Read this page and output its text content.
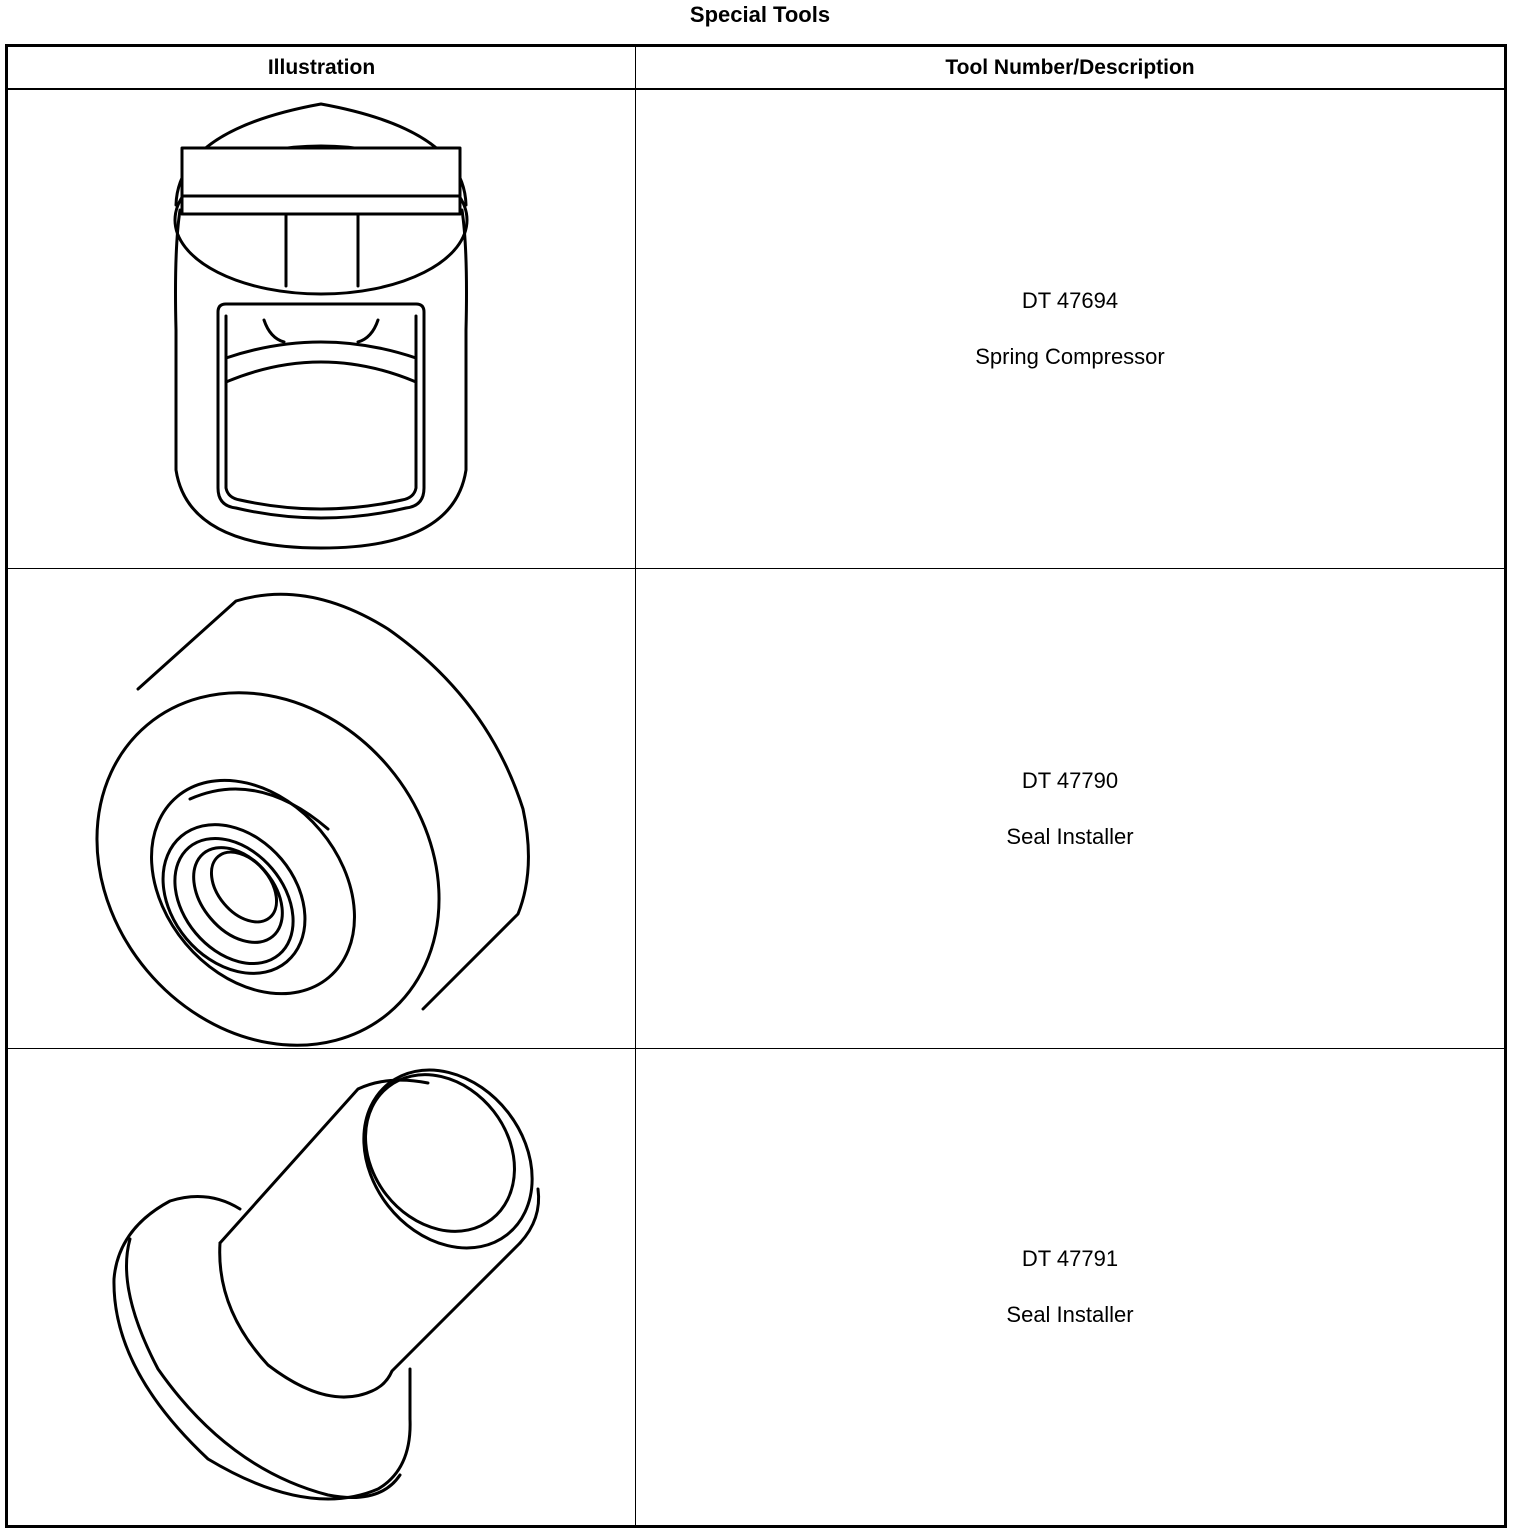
Special Tools
Illustration	Tool Number/Description
DT 47694
Spring Compressor
DT 47790
Seal Installer
DT 47791
Seal Installer
